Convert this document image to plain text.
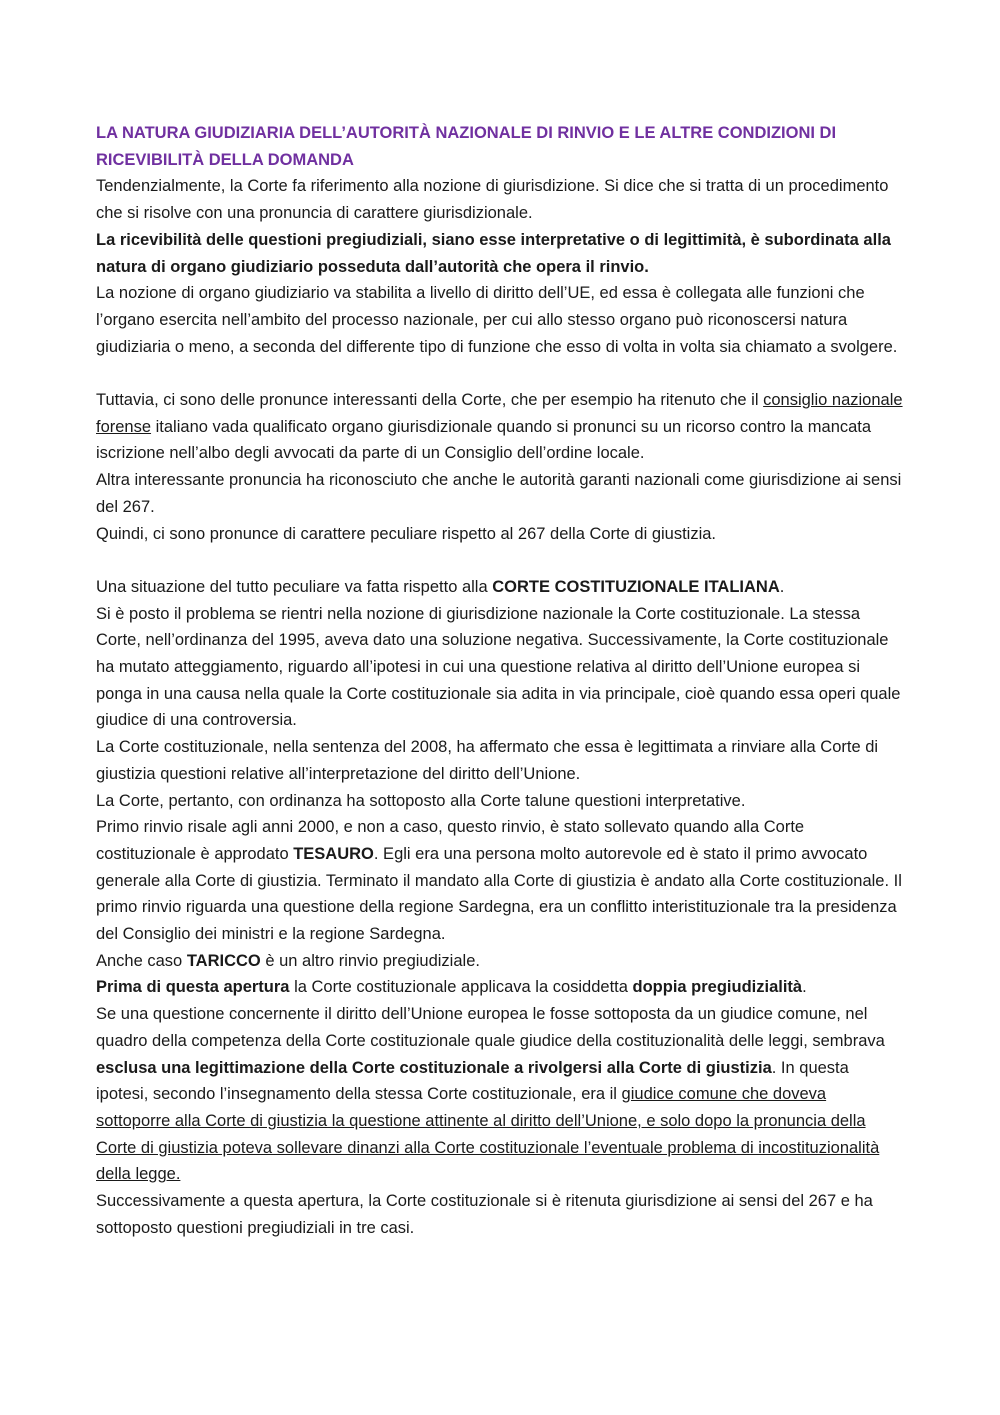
LA NATURA GIUDIZIARIA DELL’AUTORITÀ NAZIONALE DI RINVIO E LE ALTRE CONDIZIONI DI RICEVIBILITÀ DELLA DOMANDA

Tendenzialmente, la Corte fa riferimento alla nozione di giurisdizione. Si dice che si tratta di un procedimento che si risolve con una pronuncia di carattere giurisdizionale.

La ricevibilità delle questioni pregiudiziali, siano esse interpretative o di legittimità, è subordinata alla natura di organo giudiziario posseduta dall’autorità che opera il rinvio.

La nozione di organo giudiziario va stabilita a livello di diritto dell’UE, ed essa è collegata alle funzioni che l’organo esercita nell’ambito del processo nazionale, per cui allo stesso organo può riconoscersi natura giudiziaria o meno, a seconda del differente tipo di funzione che esso di volta in volta sia chiamato a svolgere.

Tuttavia, ci sono delle pronunce interessanti della Corte, che per esempio ha ritenuto che il consiglio nazionale forense italiano vada qualificato organo giurisdizionale quando si pronunci su un ricorso contro la mancata iscrizione nell’albo degli avvocati da parte di un Consiglio dell’ordine locale.

Altra interessante pronuncia ha riconosciuto che anche le autorità garanti nazionali come giurisdizione ai sensi del 267.

Quindi, ci sono pronunce di carattere peculiare rispetto al 267 della Corte di giustizia.

Una situazione del tutto peculiare va fatta rispetto alla CORTE COSTITUZIONALE ITALIANA.

Si è posto il problema se rientri nella nozione di giurisdizione nazionale la Corte costituzionale. La stessa Corte, nell’ordinanza del 1995, aveva dato una soluzione negativa. Successivamente, la Corte costituzionale ha mutato atteggiamento, riguardo all’ipotesi in cui una questione relativa al diritto dell’Unione europea si ponga in una causa nella quale la Corte costituzionale sia adita in via principale, cioè quando essa operi quale giudice di una controversia.

La Corte costituzionale, nella sentenza del 2008, ha affermato che essa è legittimata a rinviare alla Corte di giustizia questioni relative all’interpretazione del diritto dell’Unione.

La Corte, pertanto, con ordinanza ha sottoposto alla Corte talune questioni interpretative.

Primo rinvio risale agli anni 2000, e non a caso, questo rinvio, è stato sollevato quando alla Corte costituzionale è approdato TESAURO. Egli era una persona molto autorevole ed è stato il primo avvocato generale alla Corte di giustizia. Terminato il mandato alla Corte di giustizia è andato alla Corte costituzionale. Il primo rinvio riguarda una questione della regione Sardegna, era un conflitto interistituzionale tra la presidenza del Consiglio dei ministri e la regione Sardegna.

Anche caso TARICCO è un altro rinvio pregiudiziale.

Prima di questa apertura la Corte costituzionale applicava la cosiddetta doppia pregiudizialità.

Se una questione concernente il diritto dell’Unione europea le fosse sottoposta da un giudice comune, nel quadro della competenza della Corte costituzionale quale giudice della costituzionalità delle leggi, sembrava esclusa una legittimazione della Corte costituzionale a rivolgersi alla Corte di giustizia. In questa ipotesi, secondo l’insegnamento della stessa Corte costituzionale, era il giudice comune che doveva sottoporre alla Corte di giustizia la questione attinente al diritto dell’Unione, e solo dopo la pronuncia della Corte di giustizia poteva sollevare dinanzi alla Corte costituzionale l’eventuale problema di incostituzionalità della legge.

Successivamente a questa apertura, la Corte costituzionale si è ritenuta giurisdizione ai sensi del 267 e ha sottoposto questioni pregiudiziali in tre casi.
